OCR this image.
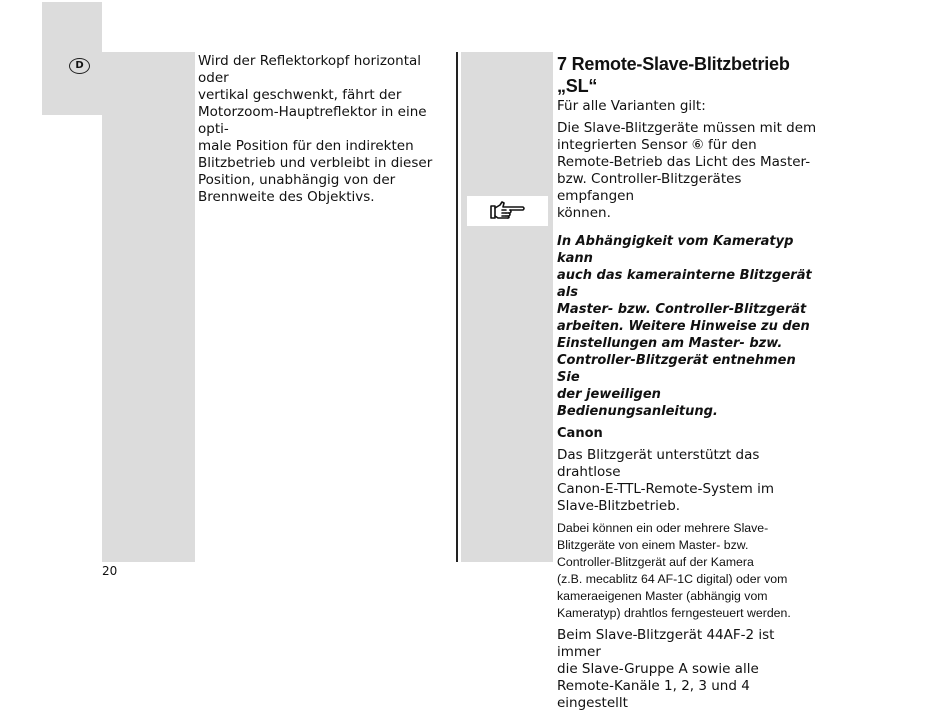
D	Wird der Reflektorkopf horizontal oder
vertikal geschwenkt, fährt der
Motorzoom-Hauptreflektor in eine opti-
male Position für den indirekten
Blitzbetrieb und verbleibt in dieser
Position, unabhängig von der
Brennweite des Objektivs.

7 Remote-Slave-Blitzbetrieb „SL“

Für alle Varianten gilt:

Die Slave-Blitzgeräte müssen mit dem
integrierten Sensor ⑥ für den
Remote-Betrieb das Licht des Master-
bzw. Controller-Blitzgerätes empfangen
können.

In Abhängigkeit vom Kameratyp kann
auch das kamerainterne Blitzgerät als
Master- bzw. Controller-Blitzgerät
arbeiten. Weitere Hinweise zu den
Einstellungen am Master- bzw.
Controller-Blitzgerät entnehmen Sie
der jeweiligen Bedienungsanleitung.

Canon

Das Blitzgerät unterstützt das drahtlose
Canon-E-TTL-Remote-System im
Slave-Blitzbetrieb.

Dabei können ein oder mehrere Slave-
Blitzgeräte von einem Master- bzw.
Controller-Blitzgerät auf der Kamera
(z.B. mecablitz 64 AF-1C digital) oder vom
kameraeigenen Master (abhängig vom
Kameratyp) drahtlos ferngesteuert werden.

Beim Slave-Blitzgerät 44AF-2 ist immer
die Slave-Gruppe A sowie alle
Remote-Kanäle 1, 2, 3 und 4 eingestellt

20
